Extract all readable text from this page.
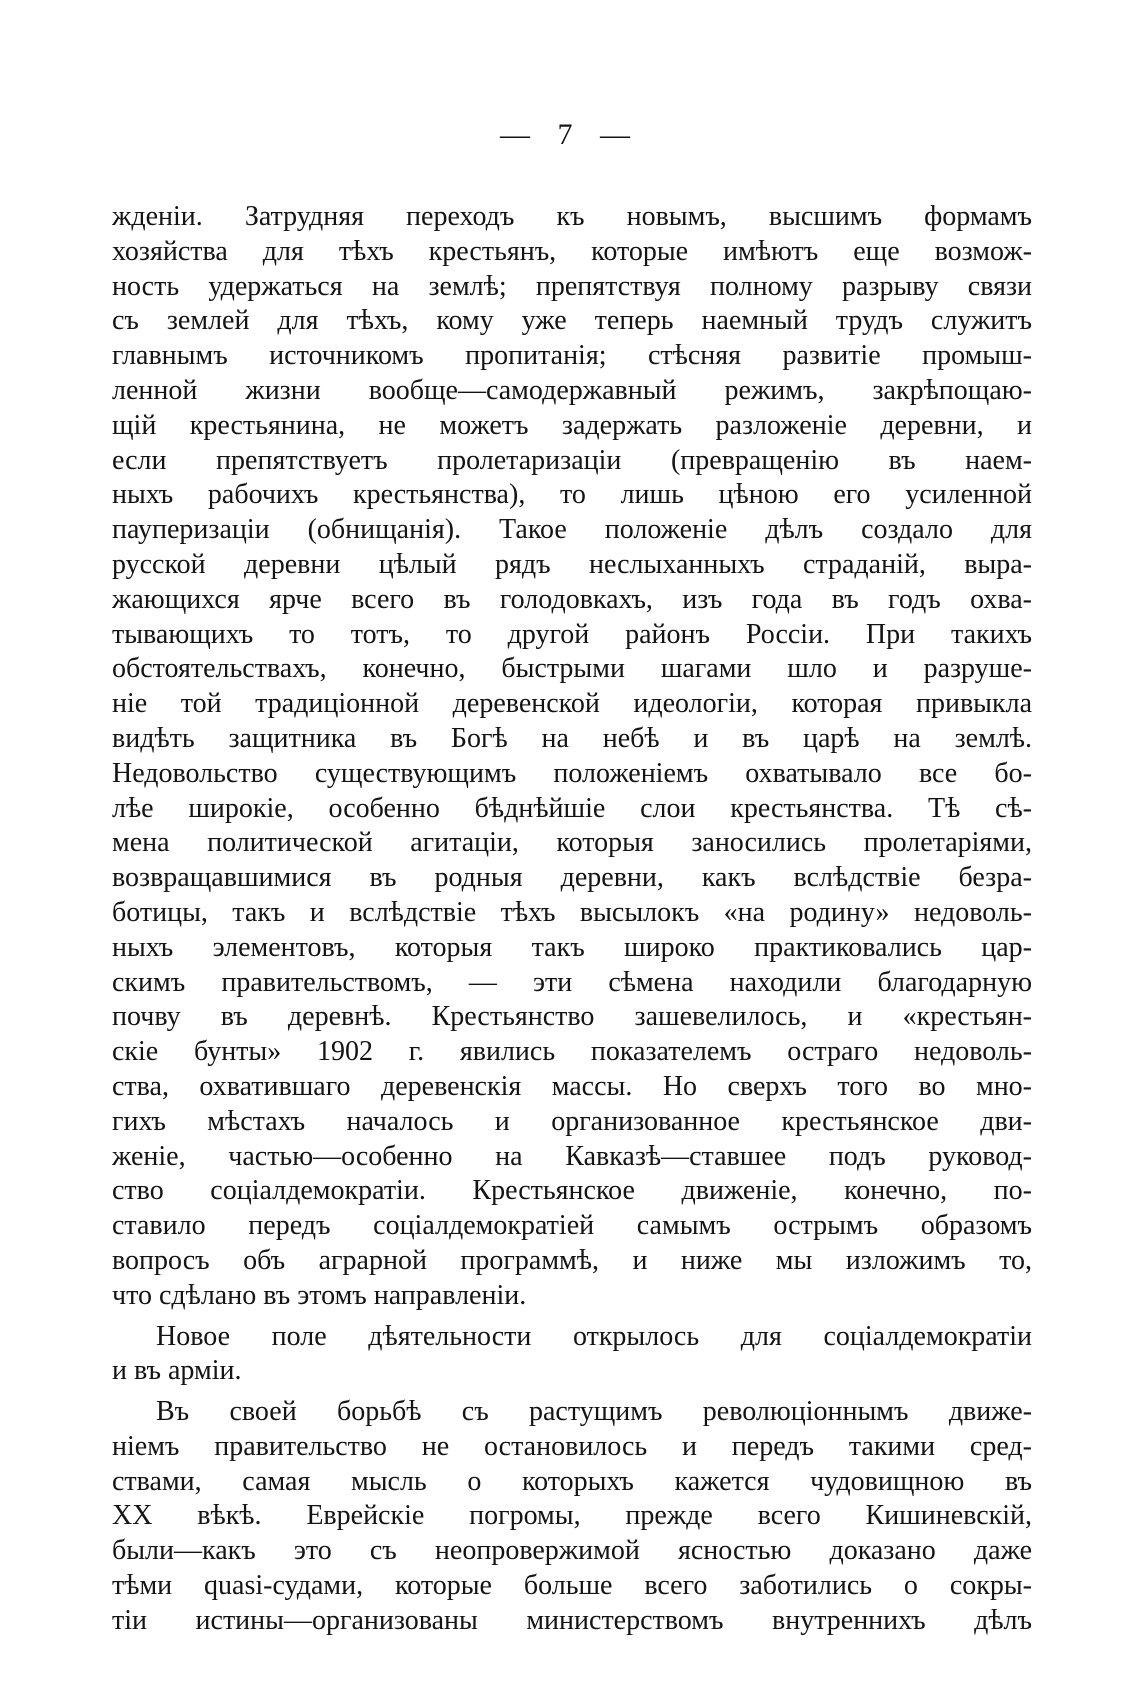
— 7 —
жденіи. Затрудняя переходъ къ новымъ, высшимъ формамъ
хозяйства для тѣхъ крестьянъ, которые имѣютъ еще возмож-
ность удержаться на землѣ; препятствуя полному разрыву связи
съ землей для тѣхъ, кому уже теперь наемный трудъ служитъ
главнымъ источникомъ пропитанія; стѣсняя развитіе промыш-
ленной жизни вообще—самодержавный режимъ, закрѣпощаю-
щій крестьянина, не можетъ задержать разложеніе деревни, и
если препятствуетъ пролетаризаціи (превращенію въ наем-
ныхъ рабочихъ крестьянства), то лишь цѣною его усиленной
пауперизаціи (обнищанія). Такое положеніе дѣлъ создало для
русской деревни цѣлый рядъ неслыханныхъ страданій, выра-
жающихся ярче всего въ голодовкахъ, изъ года въ годъ охва-
тывающихъ то тотъ, то другой районъ Россіи. При такихъ
обстоятельствахъ, конечно, быстрыми шагами шло и разруше-
ніе той традиціонной деревенской идеологіи, которая привыкла
видѣть защитника въ Богѣ на небѣ и въ царѣ на землѣ.
Недовольство существующимъ положеніемъ охватывало все бо-
лѣе широкіе, особенно бѣднѣйшіе слои крестьянства. Тѣ сѣ-
мена политической агитаціи, которыя заносились пролетаріями,
возвращавшимися въ родныя деревни, какъ вслѣдствіе безра-
ботицы, такъ и вслѣдствіе тѣхъ высылокъ «на родину» недоволь-
ныхъ элементовъ, которыя такъ широко практиковались цар-
скимъ правительствомъ, — эти сѣмена находили благодарную
почву въ деревнѣ. Крестьянство зашевелилось, и «крестьян-
скіе бунты» 1902 г. явились показателемъ остраго недоволь-
ства, охватившаго деревенскія массы. Но сверхъ того во мно-
гихъ мѣстахъ началось и организованное крестьянское дви-
женіе, частью—особенно на Кавказѣ—ставшее подъ руковод-
ство соціалдемократіи. Крестьянское движеніе, конечно, по-
ставило передъ соціалдемократіей самымъ острымъ образомъ
вопросъ объ аграрной программѣ, и ниже мы изложимъ то,
что сдѣлано въ этомъ направленіи.
Новое поле дѣятельности открылось для соціалдемократіи
и въ арміи.
Въ своей борьбѣ съ растущимъ революціоннымъ движе-
ніемъ правительство не остановилось и передъ такими сред-
ствами, самая мысль о которыхъ кажется чудовищною въ
XX вѣкѣ. Еврейскіе погромы, прежде всего Кишиневскій,
были—какъ это съ неопровержимой ясностью доказано даже
тѣми quasi-судами, которые больше всего заботились о сокры-
тіи истины—организованы министерствомъ внутреннихъ дѣлъ
